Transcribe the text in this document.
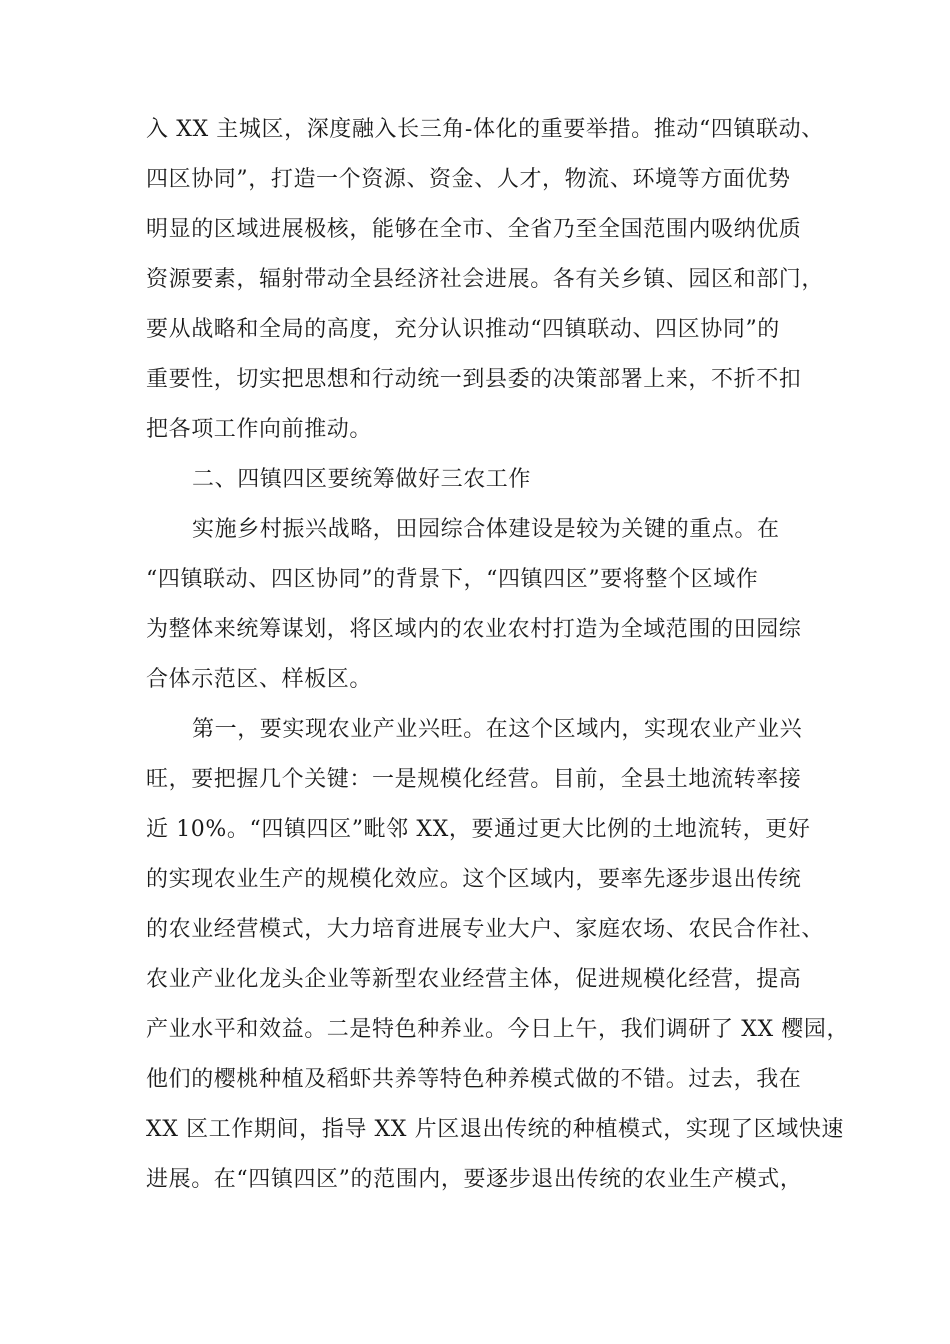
入 XX 主城区，深度融入长三角-体化的重要举措。推动“四镇联动、
四区协同”，打造一个资源、资金、人才，物流、环境等方面优势
明显的区域进展极核，能够在全市、全省乃至全国范围内吸纳优质
资源要素，辐射带动全县经济社会进展。各有关乡镇、园区和部门，
要从战略和全局的高度，充分认识推动“四镇联动、四区协同”的
重要性，切实把思想和行动统一到县委的决策部署上来，不折不扣
把各项工作向前推动。
二、四镇四区要统筹做好三农工作
实施乡村振兴战略，田园综合体建设是较为关键的重点。在
“四镇联动、四区协同”的背景下，“四镇四区”要将整个区域作
为整体来统筹谋划，将区域内的农业农村打造为全域范围的田园综
合体示范区、样板区。
第一，要实现农业产业兴旺。在这个区域内，实现农业产业兴
旺，要把握几个关键：一是规模化经营。目前，全县土地流转率接
近 10%。“四镇四区”毗邻 XX，要通过更大比例的土地流转，更好
的实现农业生产的规模化效应。这个区域内，要率先逐步退出传统
的农业经营模式，大力培育进展专业大户、家庭农场、农民合作社、
农业产业化龙头企业等新型农业经营主体，促进规模化经营，提高
产业水平和效益。二是特色种养业。今日上午，我们调研了 XX 樱园，
他们的樱桃种植及稻虾共养等特色种养模式做的不错。过去，我在
XX 区工作期间，指导 XX 片区退出传统的种植模式，实现了区域快速
进展。在“四镇四区”的范围内，要逐步退出传统的农业生产模式，
